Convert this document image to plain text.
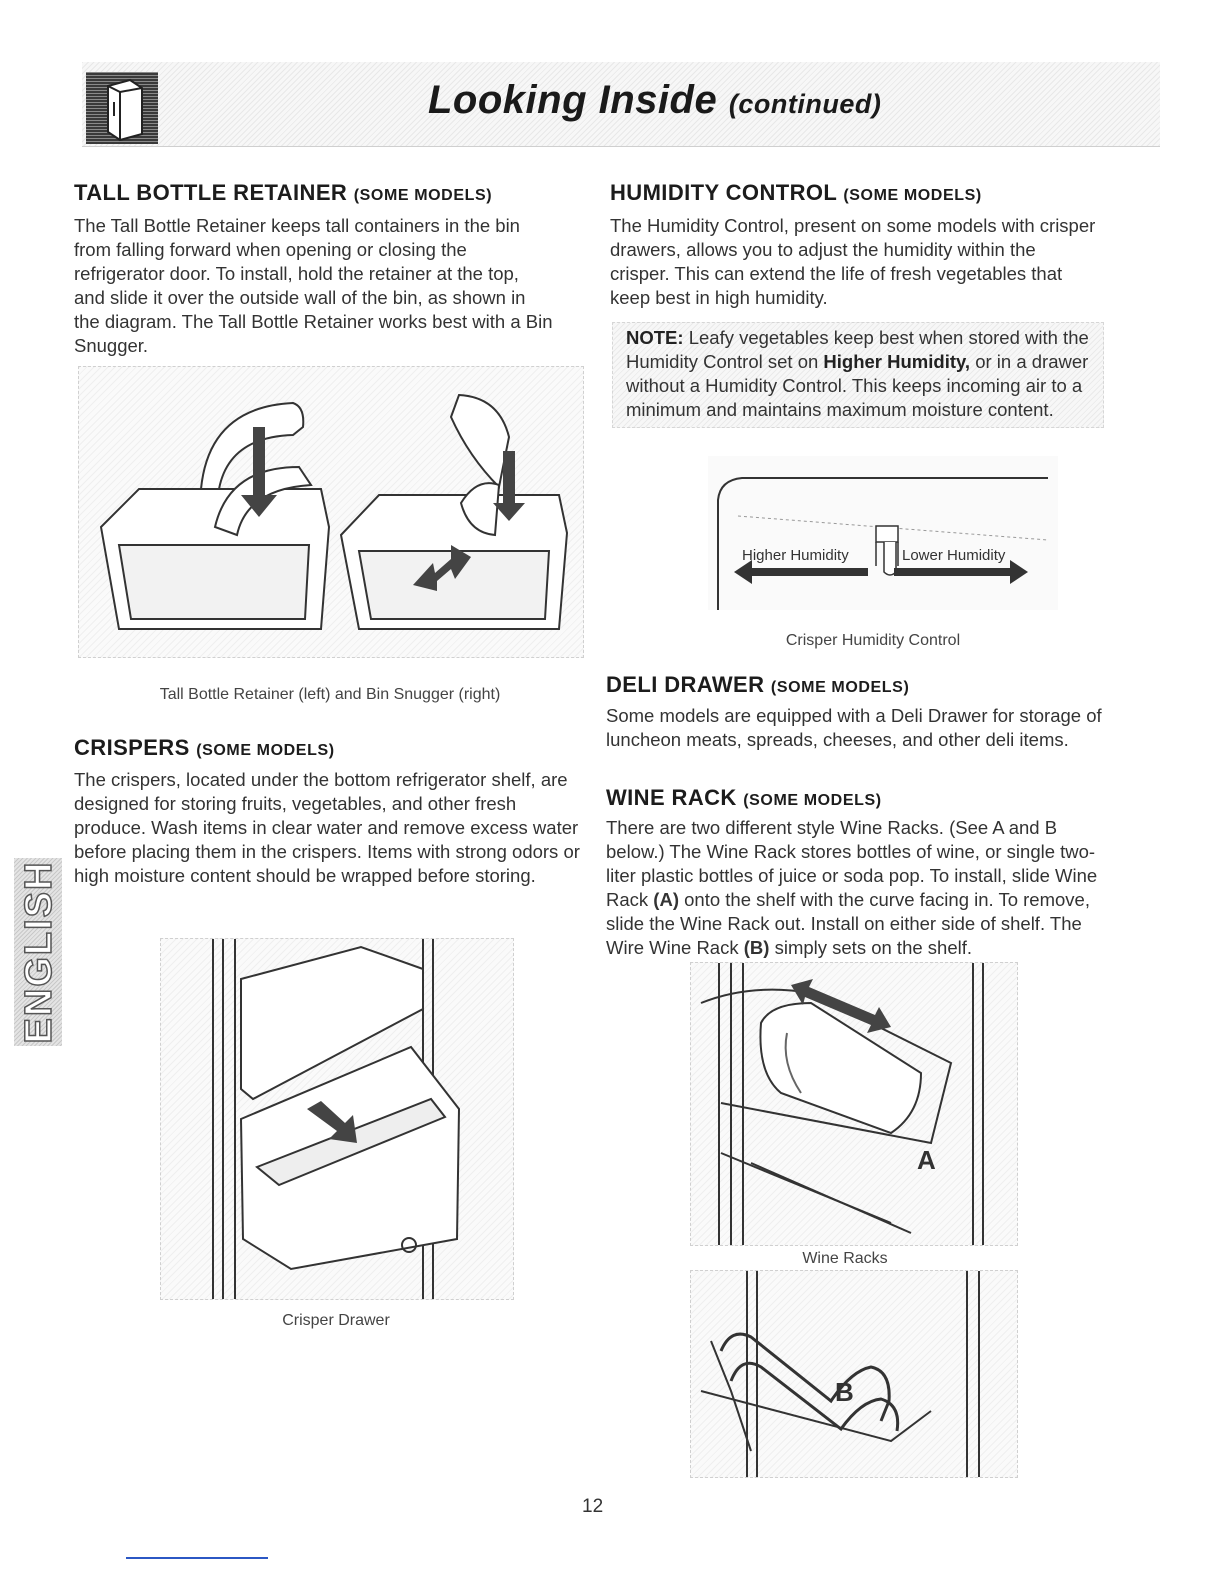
Looking Inside (continued)
TALL BOTTLE RETAINER (SOME MODELS)
The Tall Bottle Retainer keeps tall containers in the bin from falling forward when opening or closing the refrigerator door. To install, hold the retainer at the top, and slide it over the outside wall of the bin, as shown in the diagram. The Tall Bottle Retainer works best with a Bin Snugger.
Tall Bottle Retainer (left) and Bin Snugger (right)
CRISPERS (SOME MODELS)
The crispers, located under the bottom refrigerator shelf, are designed for storing fruits, vegetables, and other fresh produce. Wash items in clear water and remove excess water before placing them in the crispers. Items with strong odors or high moisture content should be wrapped before storing.
Crisper Drawer
HUMIDITY CONTROL (SOME MODELS)
The Humidity Control, present on some models with crisper drawers, allows you to adjust the humidity within the crisper. This can extend the life of fresh vegetables that keep best in high humidity.
NOTE: Leafy vegetables keep best when stored with the Humidity Control set on Higher Humidity, or in a drawer without a Humidity Control. This keeps incoming air to a minimum and maintains maximum moisture content.
Higher Humidity	Lower Humidity
Crisper Humidity Control
DELI DRAWER (SOME MODELS)
Some models are equipped with a Deli Drawer for storage of luncheon meats, spreads, cheeses, and other deli items.
WINE RACK (SOME MODELS)
There are two different style Wine Racks. (See A and B below.) The Wine Rack stores bottles of wine, or single two-liter plastic bottles of juice or soda pop. To install, slide Wine Rack (A) onto the shelf with the curve facing in. To remove, slide the Wine Rack out. Install on either side of shelf. The Wire Wine Rack (B) simply sets on the shelf.
A
Wine Racks
B
ENGLISH
12
